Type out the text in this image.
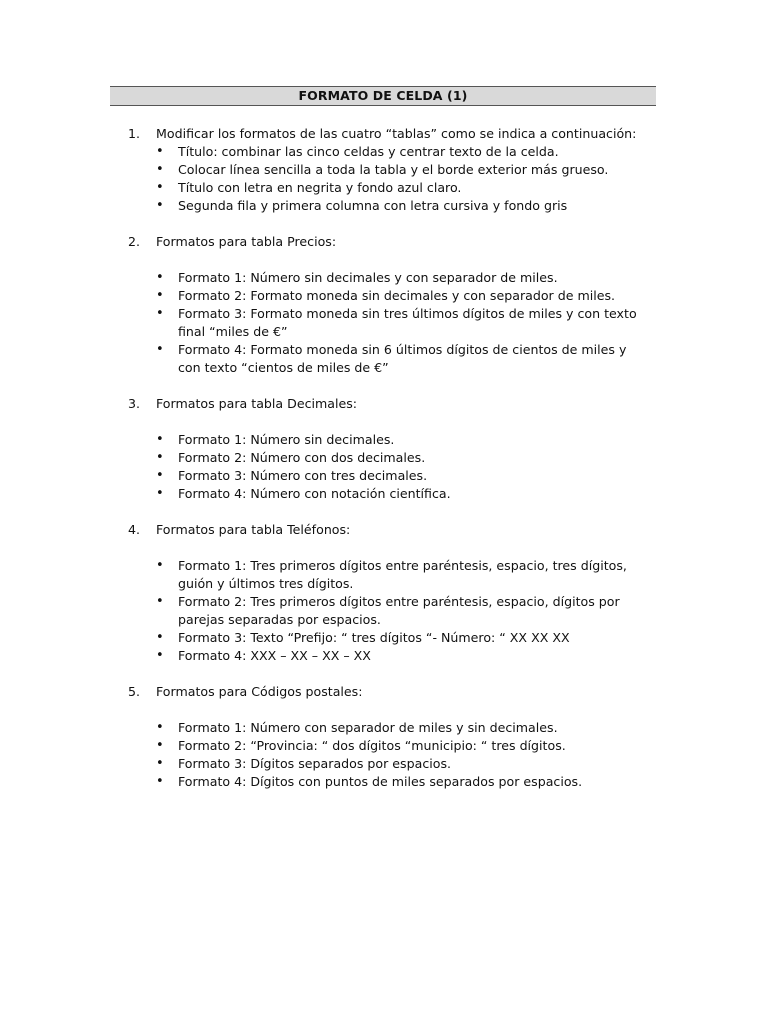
FORMATO DE CELDA (1)
1.	Modificar los formatos de las cuatro “tablas” como se indica a continuación:
•	Título: combinar las cinco celdas y centrar texto de la celda.
•	Colocar línea sencilla a toda la tabla y el borde exterior más grueso.
•	Título con letra en negrita y fondo azul claro.
•	Segunda fila y primera columna con letra cursiva y fondo gris
2.	Formatos para tabla Precios:
•	Formato 1: Número sin decimales y con separador de miles.
•	Formato 2: Formato moneda sin decimales y con separador de miles.
•	Formato 3: Formato moneda sin tres últimos dígitos de miles y con texto final “miles de €”
•	Formato 4: Formato moneda sin 6 últimos dígitos de cientos de miles y con texto “cientos de miles de €”
3.	Formatos para tabla Decimales:
•	Formato 1: Número sin decimales.
•	Formato 2: Número con dos decimales.
•	Formato 3: Número con tres decimales.
•	Formato 4: Número con notación científica.
4.	Formatos para tabla Teléfonos:
•	Formato 1: Tres primeros dígitos entre paréntesis, espacio, tres dígitos, guión y últimos tres dígitos.
•	Formato 2: Tres primeros dígitos entre paréntesis, espacio, dígitos por parejas separadas por espacios.
•	Formato 3: Texto “Prefijo: “ tres dígitos “- Número: “ XX XX XX
•	Formato 4: XXX – XX – XX – XX
5.	Formatos para Códigos postales:
•	Formato 1: Número con separador de miles y sin decimales.
•	Formato 2: “Provincia: “ dos dígitos “municipio: “ tres dígitos.
•	Formato 3: Dígitos separados por espacios.
•	Formato 4: Dígitos con puntos de miles separados por espacios.
